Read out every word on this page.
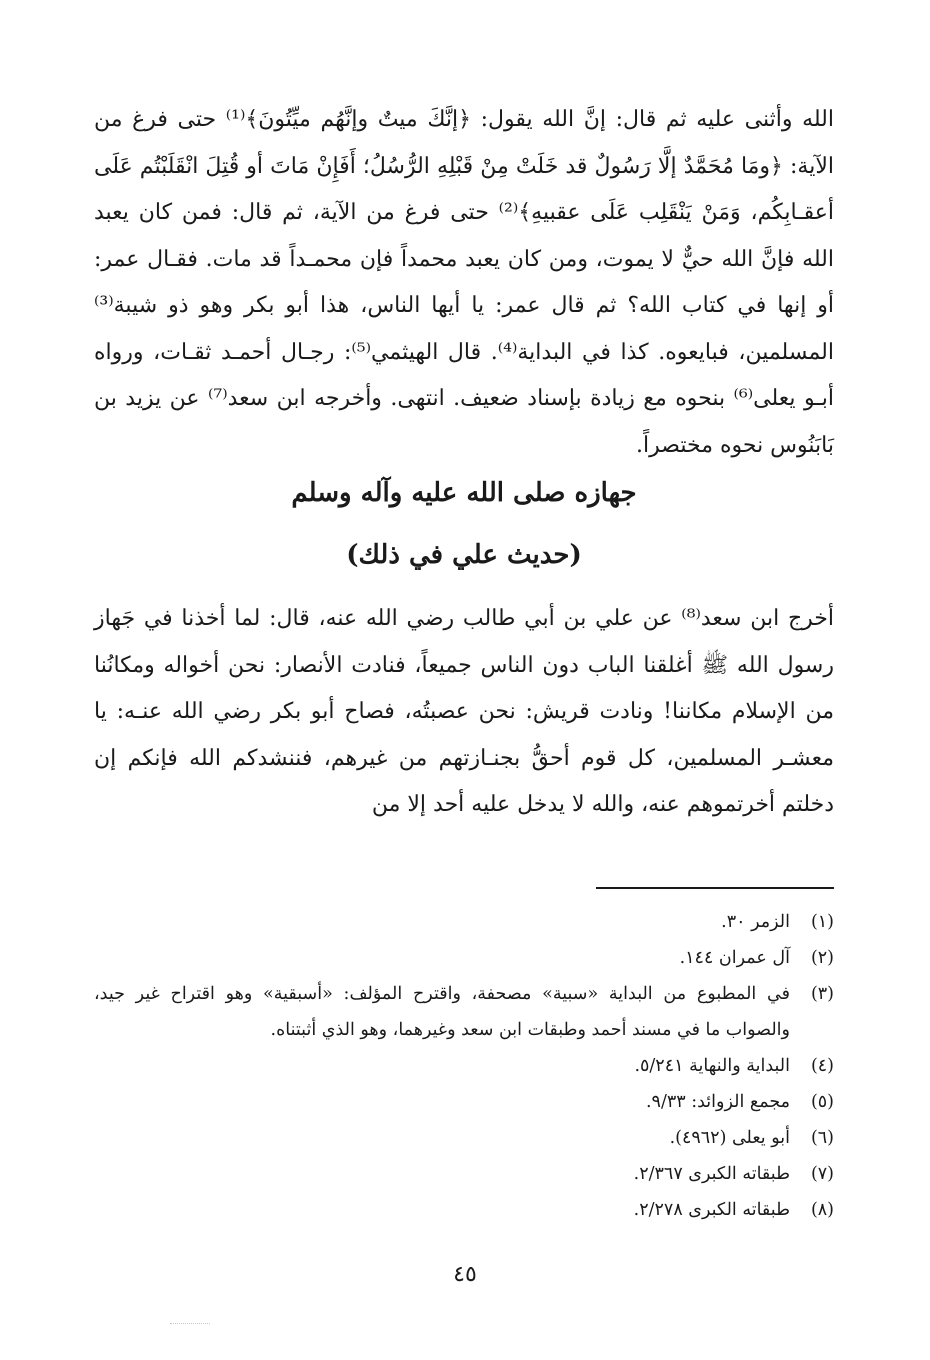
الله وأثنى عليه ثم قال: إنَّ الله يقول: ﴿إنَّكَ ميتٌ وإنَّهُم ميِّتُونَ﴾⁽¹⁾ حتى فرغ من الآية: ﴿ومَا مُحَمَّدٌ إلَّا رَسُولٌ قد خَلَتْ مِنْ قَبْلِهِ الرُّسُلُ؛ أَفَإِنْ مَاتَ أو قُتِلَ انْقَلَبْتُم عَلَى أعقـابِكُم، وَمَنْ يَنْقَلِب عَلَى عقبيهِ﴾⁽²⁾ حتى فرغ من الآية، ثم قال: فمن كان يعبد الله فإنَّ الله حيٌّ لا يموت، ومن كان يعبد محمداً فإن محمـداً قد مات. فقـال عمر: أو إنها في كتاب الله؟ ثم قال عمر: يا أيها الناس، هذا أبو بكر وهو ذو شيبة⁽³⁾ المسلمين، فبايعوه. كذا في البداية⁽⁴⁾. قال الهيثمي⁽⁵⁾: رجـال أحمـد ثقـات، ورواه أبـو يعلى⁽⁶⁾ بنحوه مع زيادة بإسناد ضعيف. انتهى. وأخرجه ابن سعد⁽⁷⁾ عن يزيد بن بَابَنُوس نحوه مختصراً.
جهازه صلى الله عليه وآله وسلم
(حديث علي في ذلك)
أخرج ابن سعد⁽⁸⁾ عن علي بن أبي طالب رضي الله عنه، قال: لما أخذنا في جَهاز رسول الله ﷺ أغلقنا الباب دون الناس جميعاً، فنادت الأنصار: نحن أخواله ومكانُنا من الإسلام مكاننا! ونادت قريش: نحن عصبتُه، فصاح أبو بكر رضي الله عنـه: يا معشـر المسلمين، كل قوم أحقُّ بجنـازتهم من غيرهم، فننشدكم الله فإنكم إن دخلتم أخرتموهم عنه، والله لا يدخل عليه أحد إلا من
(١)
الزمر ٣٠.
(٢)
آل عمران ١٤٤.
(٣)
في المطبوع من البداية «سبية» مصحفة، واقترح المؤلف: «أسبقية» وهو اقتراح غير جيد، والصواب ما في مسند أحمد وطبقات ابن سعد وغيرهما، وهو الذي أثبتناه.
(٤)
البداية والنهاية ٥/٢٤١.
(٥)
مجمع الزوائد: ٩/٣٣.
(٦)
أبو يعلى (٤٩٦٢).
(٧)
طبقاته الكبرى ٢/٣٦٧.
(٨)
طبقاته الكبرى ٢/٢٧٨.
٤٥
